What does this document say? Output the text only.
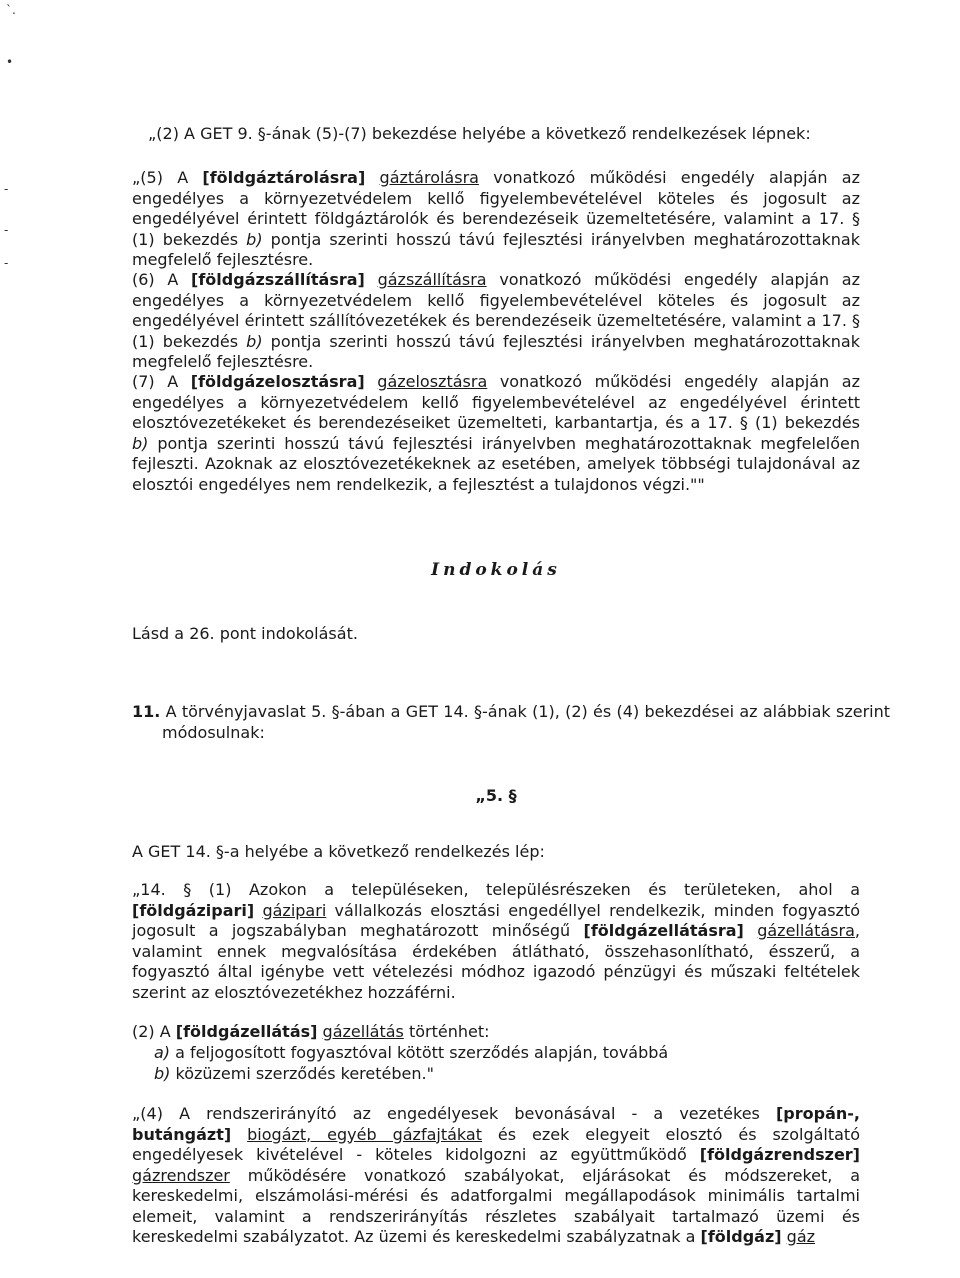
`.
•
-
-
-

„(2) A GET 9. §-ának (5)-(7) bekezdése helyébe a következő rendelkezések lépnek:

„(5) A [földgáztárolásra] gáztárolásra vonatkozó működési engedély alapján az engedélyes a környezetvédelem kellő figyelembevételével köteles és jogosult az engedélyével érintett földgáztárolók és berendezéseik üzemeltetésére, valamint a 17. § (1) bekezdés b) pontja szerinti hosszú távú fejlesztési irányelvben meghatározottaknak megfelelő fejlesztésre.

(6) A [földgázszállításra] gázszállításra vonatkozó működési engedély alapján az engedélyes a környezetvédelem kellő figyelembevételével köteles és jogosult az engedélyével érintett szállítóvezetékek és berendezéseik üzemeltetésére, valamint a 17. § (1) bekezdés b) pontja szerinti hosszú távú fejlesztési irányelvben meghatározottaknak megfelelő fejlesztésre.

(7) A [földgázelosztásra] gázelosztásra vonatkozó működési engedély alapján az engedélyes a környezetvédelem kellő figyelembevételével az engedélyével érintett elosztóvezetékeket és berendezéseiket üzemelteti, karbantartja, és a 17. § (1) bekezdés b) pontja szerinti hosszú távú fejlesztési irányelvben meghatározottaknak megfelelően fejleszti. Azoknak az elosztóvezetékeknek az esetében, amelyek többségi tulajdonával az elosztói engedélyes nem rendelkezik, a fejlesztést a tulajdonos végzi.""

Indokolás

Lásd a 26. pont indokolását.

11. A törvényjavaslat 5. §-ában a GET 14. §-ának (1), (2) és (4) bekezdései az alábbiak szerint módosulnak:

„5. §

A GET 14. §-a helyébe a következő rendelkezés lép:

„14. § (1) Azokon a településeken, településrészeken és területeken, ahol a [földgázipari] gázipari vállalkozás elosztási engedéllyel rendelkezik, minden fogyasztó jogosult a jogszabályban meghatározott minőségű [földgázellátásra] gázellátásra, valamint ennek megvalósítása érdekében átlátható, összehasonlítható, ésszerű, a fogyasztó által igénybe vett vételezési módhoz igazodó pénzügyi és műszaki feltételek szerint az elosztóvezetékhez hozzáférni.

(2) A [földgázellátás] gázellátás történhet:

a) a feljogosított fogyasztóval kötött szerződés alapján, továbbá

b) közüzemi szerződés keretében."

„(4) A rendszerirányító az engedélyesek bevonásával - a vezetékes [propán-, butángázt] biogázt, egyéb gázfajtákat és ezek elegyeit elosztó és szolgáltató engedélyesek kivételével - köteles kidolgozni az együttműködő [földgázrendszer] gázrendszer működésére vonatkozó szabályokat, eljárásokat és módszereket, a kereskedelmi, elszámolási-mérési és adatforgalmi megállapodások minimális tartalmi elemeit, valamint a rendszerirányítás részletes szabályait tartalmazó üzemi és kereskedelmi szabályzatot. Az üzemi és kereskedelmi szabályzatnak a [földgáz] gáz
